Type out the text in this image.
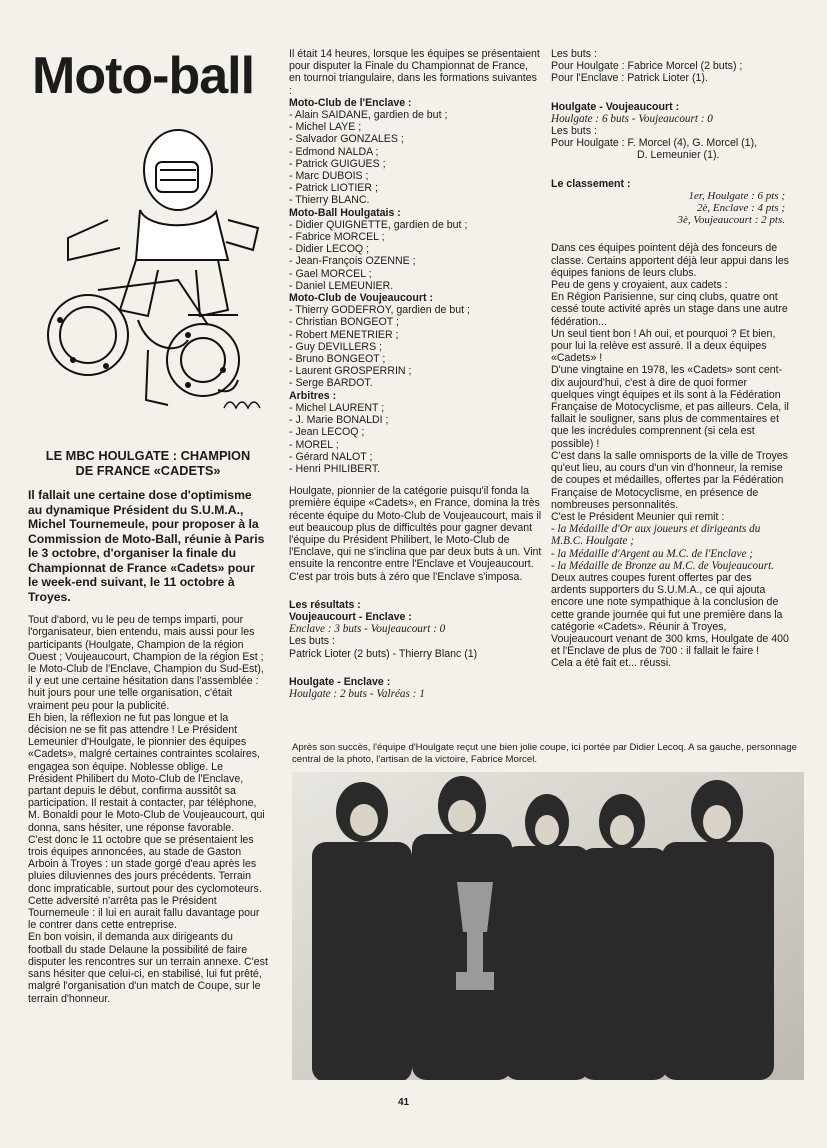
Moto-ball
LE MBC HOULGATE : CHAMPION
DE FRANCE «CADETS»

Il fallait une certaine dose d'optimisme au dynamique Président du S.U.M.A., Michel Tournemeule, pour proposer à la Commission de Moto-Ball, réunie à Paris le 3 octobre, d'organiser la finale du Championnat de France «Cadets» pour le week-end suivant, le 11 octobre à Troyes.

Tout d'abord, vu le peu de temps imparti, pour l'organisateur, bien entendu, mais aussi pour les participants (Houlgate, Champion de la région Ouest ; Voujeaucourt, Champion de la région Est ; le Moto-Club de l'Enclave, Champion du Sud-Est), il y eut une certaine hésitation dans l'assemblée : huit jours pour une telle organisation, c'était vraiment peu pour la publicité.

Eh bien, la réflexion ne fut pas longue et la décision ne se fit pas attendre ! Le Président Lemeunier d'Houlgate, le pionnier des équipes «Cadets», malgré certaines contraintes scolaires, engagea son équipe. Noblesse oblige. Le Président Philibert du Moto-Club de l'Enclave, partant depuis le début, confirma aussitôt sa participation. Il restait à contacter, par téléphone, M. Bonaldi pour le Moto-Club de Voujeaucourt, qui donna, sans hésiter, une réponse favorable.

C'est donc le 11 octobre que se présentaient les trois équipes annoncées, au stade de Gaston Arboin à Troyes : un stade gorgé d'eau après les pluies diluviennes des jours précédents. Terrain donc impraticable, surtout pour des cyclomoteurs.

Cette adversité n'arrêta pas le Président Tournemeule : il lui en aurait fallu davantage pour le contrer dans cette entreprise.

En bon voisin, il demanda aux dirigeants du football du stade Delaune la possibilité de faire disputer les rencontres sur un terrain annexe. C'est sans hésiter que celui-ci, en stabilisé, lui fut prêté, malgré l'organisation d'un match de Coupe, sur le terrain d'honneur.

Il était 14 heures, lorsque les équipes se présentaient pour disputer la Finale du Championnat de France, en tournoi triangulaire, dans les formations suivantes :

Moto-Club de l'Enclave :
- Alain SAIDANE, gardien de but ;
- Michel LAYE ;
- Salvador GONZALES ;
- Edmond NALDA ;
- Patrick GUIGUES ;
- Marc DUBOIS ;
- Patrick LIOTIER ;
- Thierry BLANC.
Moto-Ball Houlgatais :
- Didier QUIGNETTE, gardien de but ;
- Fabrice MORCEL ;
- Didier LECOQ ;
- Jean-François OZENNE ;
- Gael MORCEL ;
- Daniel LEMEUNIER.
Moto-Club de Voujeaucourt :
- Thierry GODEFROY, gardien de but ;
- Christian BONGEOT ;
- Robert MENETRIER ;
- Guy DEVILLERS ;
- Bruno BONGEOT ;
- Laurent GROSPERRIN ;
- Serge BARDOT.
Arbitres :
- Michel LAURENT ;
- J. Marie BONALDI ;
- Jean LECOQ ;
- MOREL ;
- Gérard NALOT ;
- Henri PHILIBERT.

Houlgate, pionnier de la catégorie puisqu'il fonda la première équipe «Cadets», en France, domina la très récente équipe du Moto-Club de Voujeaucourt, mais il eut beaucoup plus de difficultés pour gagner devant l'équipe du Président Philibert, le Moto-Club de l'Enclave, qui ne s'inclina que par deux buts à un. Vint ensuite la rencontre entre l'Enclave et Voujeaucourt. C'est par trois buts à zéro que l'Enclave s'imposa.

Les résultats :
Voujeaucourt - Enclave :
Enclave : 3 buts - Voujeaucourt : 0
Les buts :
Patrick Lioter (2 buts) - Thierry Blanc (1)
Houlgate - Enclave :
Houlgate : 2 buts - Valréas : 1
Les buts :
Pour Houlgate : Fabrice Morcel (2 buts) ;
Pour l'Enclave : Patrick Lioter (1).
Houlgate - Voujeaucourt :
Houlgate : 6 buts - Voujeaucourt : 0
Les buts :
Pour Houlgate : F. Morcel (4), G. Morcel (1),
D. Lemeunier (1).
Le classement :
1er, Houlgate : 6 pts ;
2è, Enclave : 4 pts ;
3è, Voujeaucourt : 2 pts.

Dans ces équipes pointent déjà des fonceurs de classe. Certains apportent déjà leur appui dans les équipes fanions de leurs clubs.

Peu de gens y croyaient, aux cadets :

En Région Parisienne, sur cinq clubs, quatre ont cessé toute activité après un stage dans une autre fédération...

Un seul tient bon ! Ah oui, et pourquoi ? Et bien, pour lui la relève est assuré. Il a deux équipes «Cadets» !

D'une vingtaine en 1978, les «Cadets» sont cent-dix aujourd'hui, c'est à dire de quoi former quelques vingt équipes et ils sont à la Fédération Française de Motocyclisme, et pas ailleurs. Cela, il fallait le souligner, sans plus de commentaires et que les incrédules comprennent (si cela est possible) !

C'est dans la salle omnisports de la ville de Troyes qu'eut lieu, au cours d'un vin d'honneur, la remise de coupes et médailles, offertes par la Fédération Française de Motocyclisme, en présence de nombreuses personnalités.

C'est le Président Meunier qui remit :

- la Médaille d'Or aux joueurs et dirigeants du M.B.C. Houlgate ;
- la Médaille d'Argent au M.C. de l'Enclave ;
- la Médaille de Bronze au M.C. de Voujeaucourt.

Deux autres coupes furent offertes par des ardents supporters du S.U.M.A., ce qui ajouta encore une note sympathique à la conclusion de cette grande journée qui fut une première dans la catégorie «Cadets». Réunir à Troyes, Voujeaucourt venant de 300 kms, Houlgate de 400 et l'Enclave de plus de 700 : il fallait le faire !

Cela a été fait et... réussi.

Après son succès, l'équipe d'Houlgate reçut une bien jolie coupe, ici portée par Didier Lecoq. A sa gauche, personnage central de la photo, l'artisan de la victoire, Fabrice Morcel.
41
